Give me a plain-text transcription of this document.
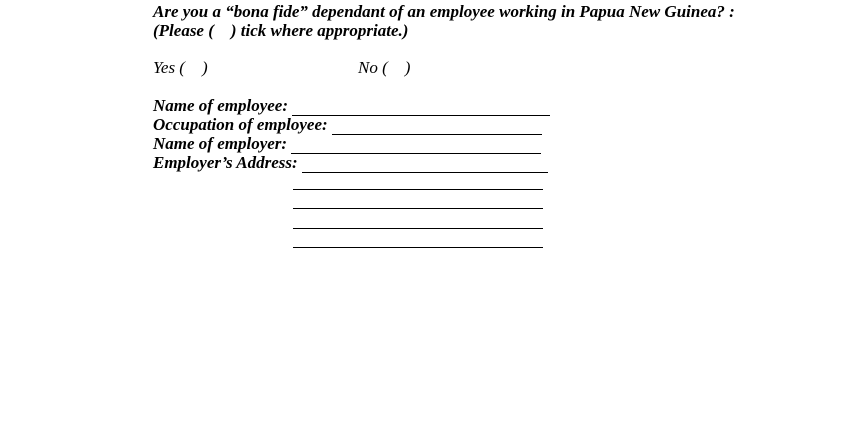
Are you a “bona fide” dependant of an employee working in Papua New Guinea? :
(Please (    ) tick where appropriate.)
Yes (    )	No (    )
Name of employee:
Occupation of employee:
Name of employer:
Employer’s Address:
